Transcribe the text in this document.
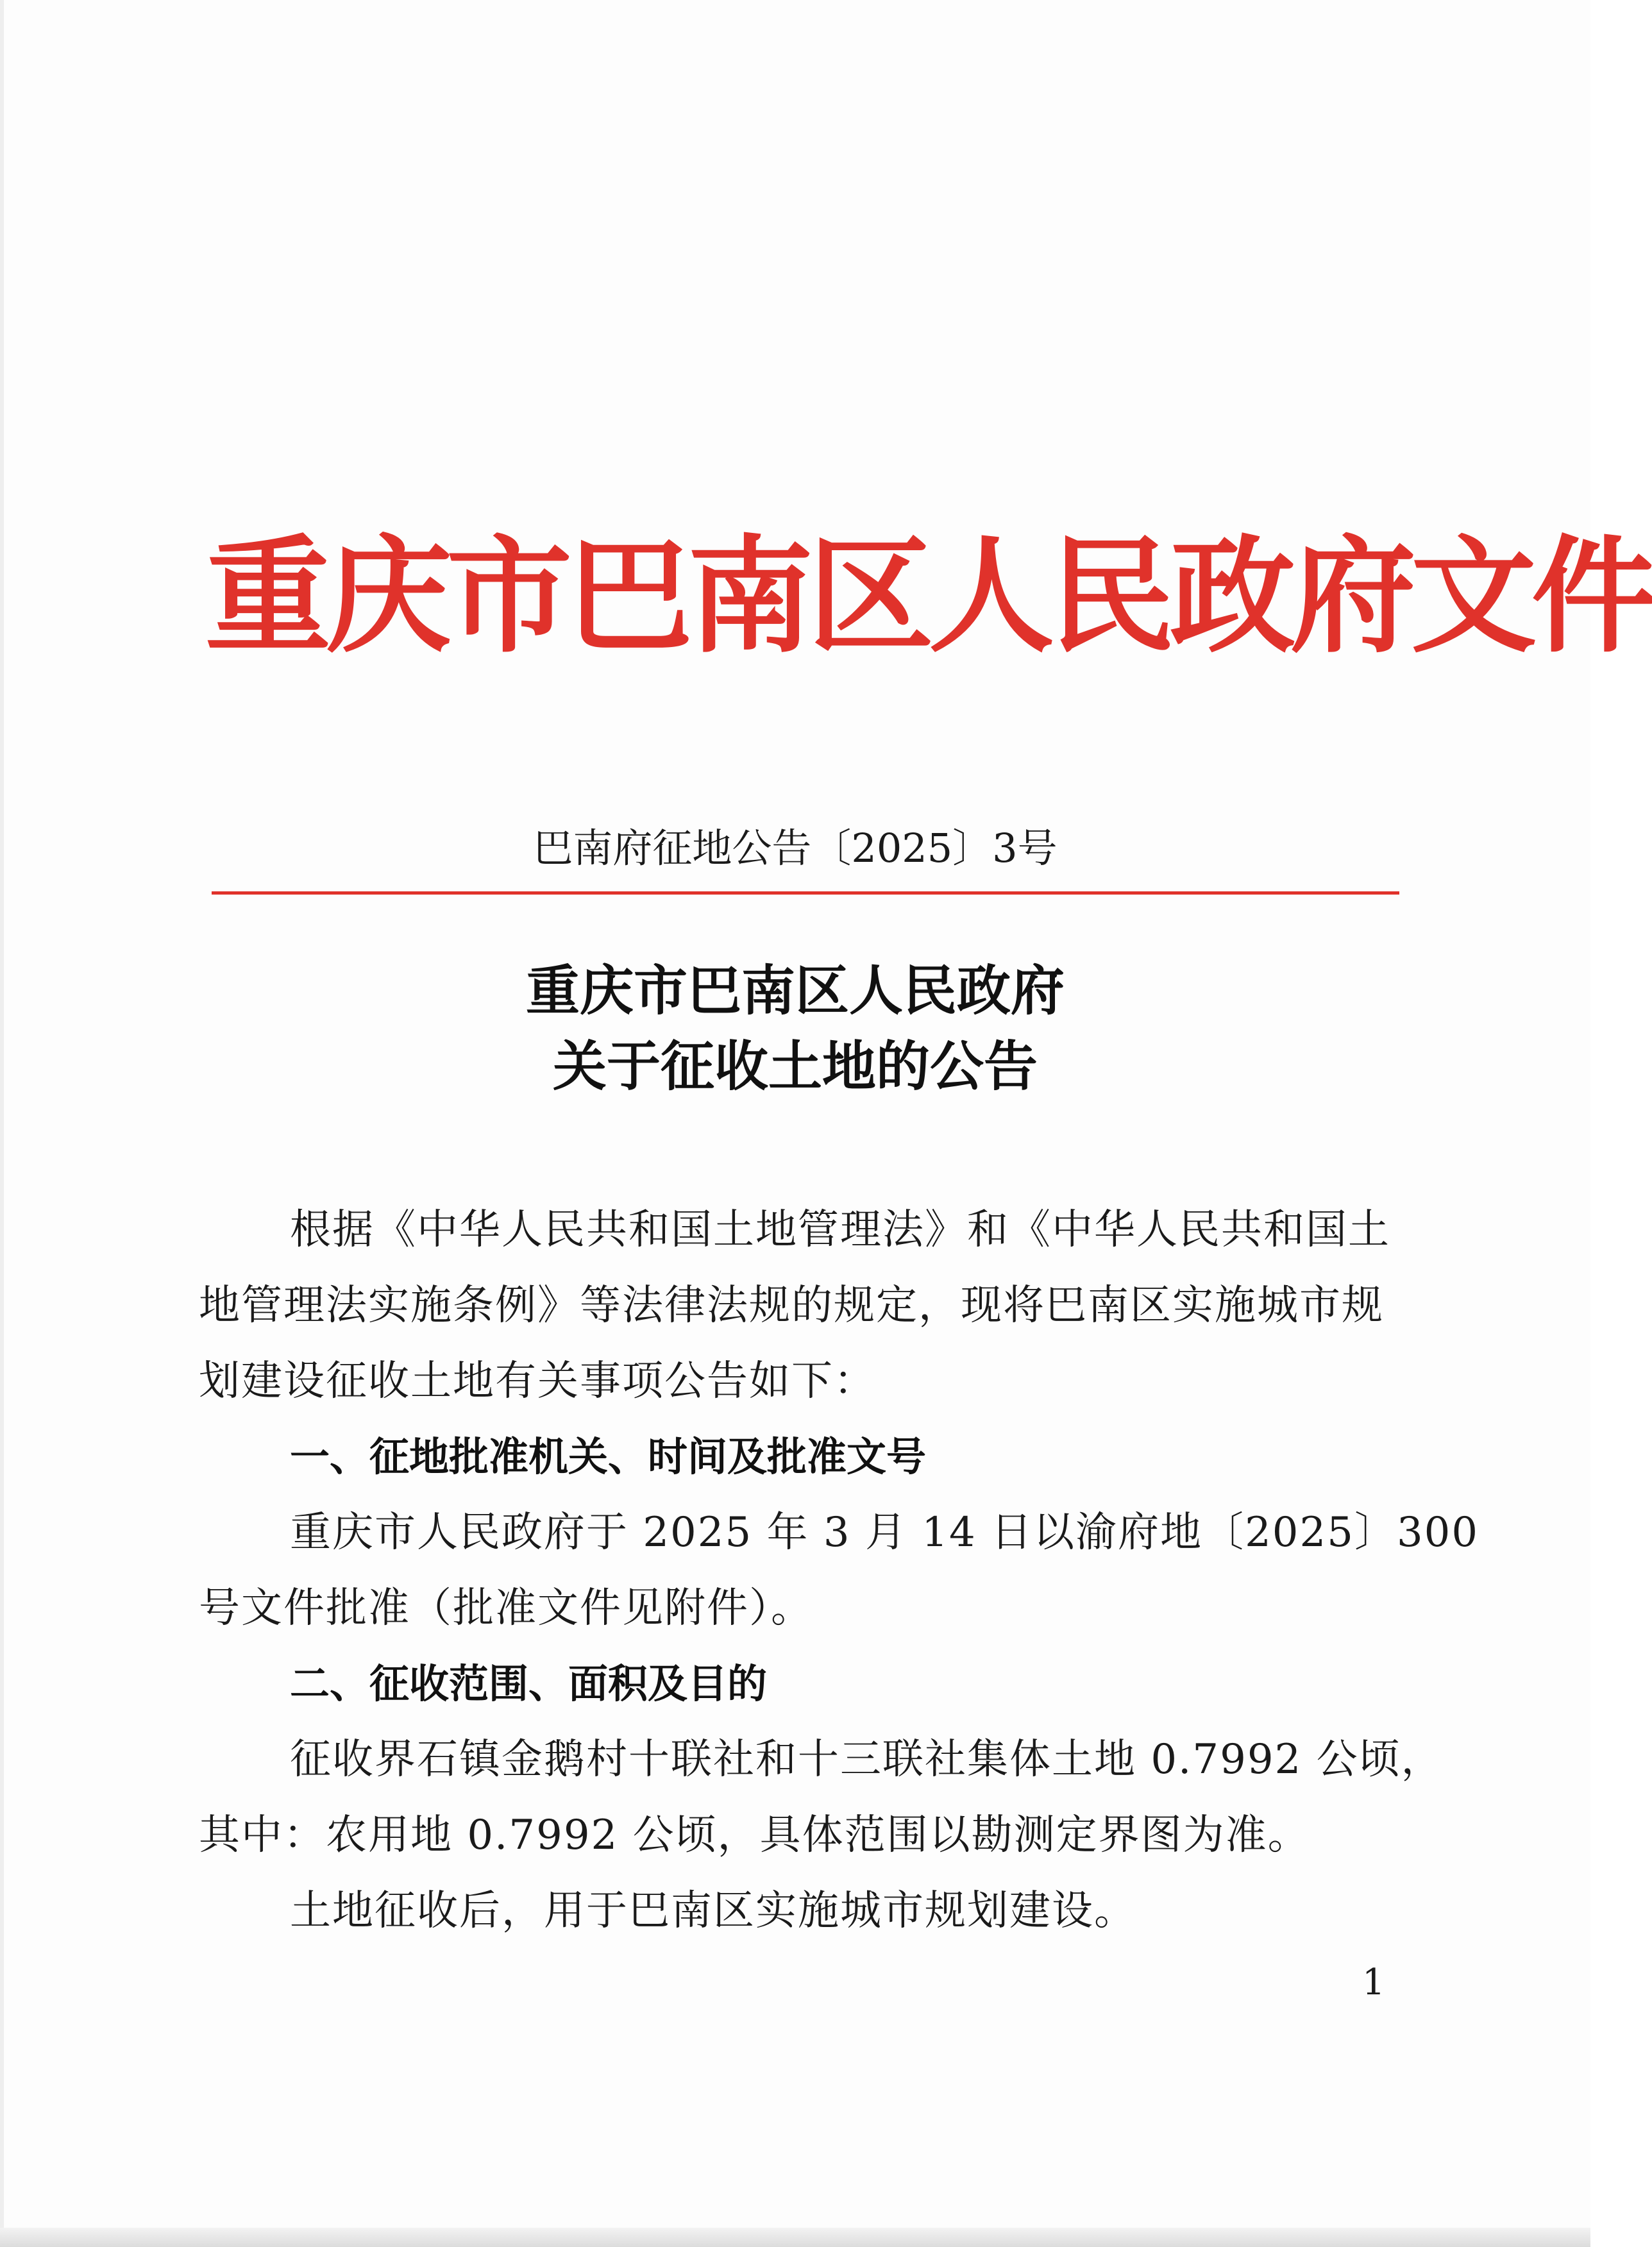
重庆市巴南区人民政府文件
巴南府征地公告〔2025〕3号
重庆市巴南区人民政府
关于征收土地的公告
根据《中华人民共和国土地管理法》和《中华人民共和国土
地管理法实施条例》等法律法规的规定，现将巴南区实施城市规
划建设征收土地有关事项公告如下：
一、征地批准机关、时间及批准文号
重庆市人民政府于 2025 年 3 月 14 日以渝府地〔2025〕300
号文件批准（批准文件见附件）。
二、征收范围、面积及目的
征收界石镇金鹅村十联社和十三联社集体土地 0.7992 公顷，
其中：农用地 0.7992 公顷，具体范围以勘测定界图为准。
土地征收后，用于巴南区实施城市规划建设。
1
